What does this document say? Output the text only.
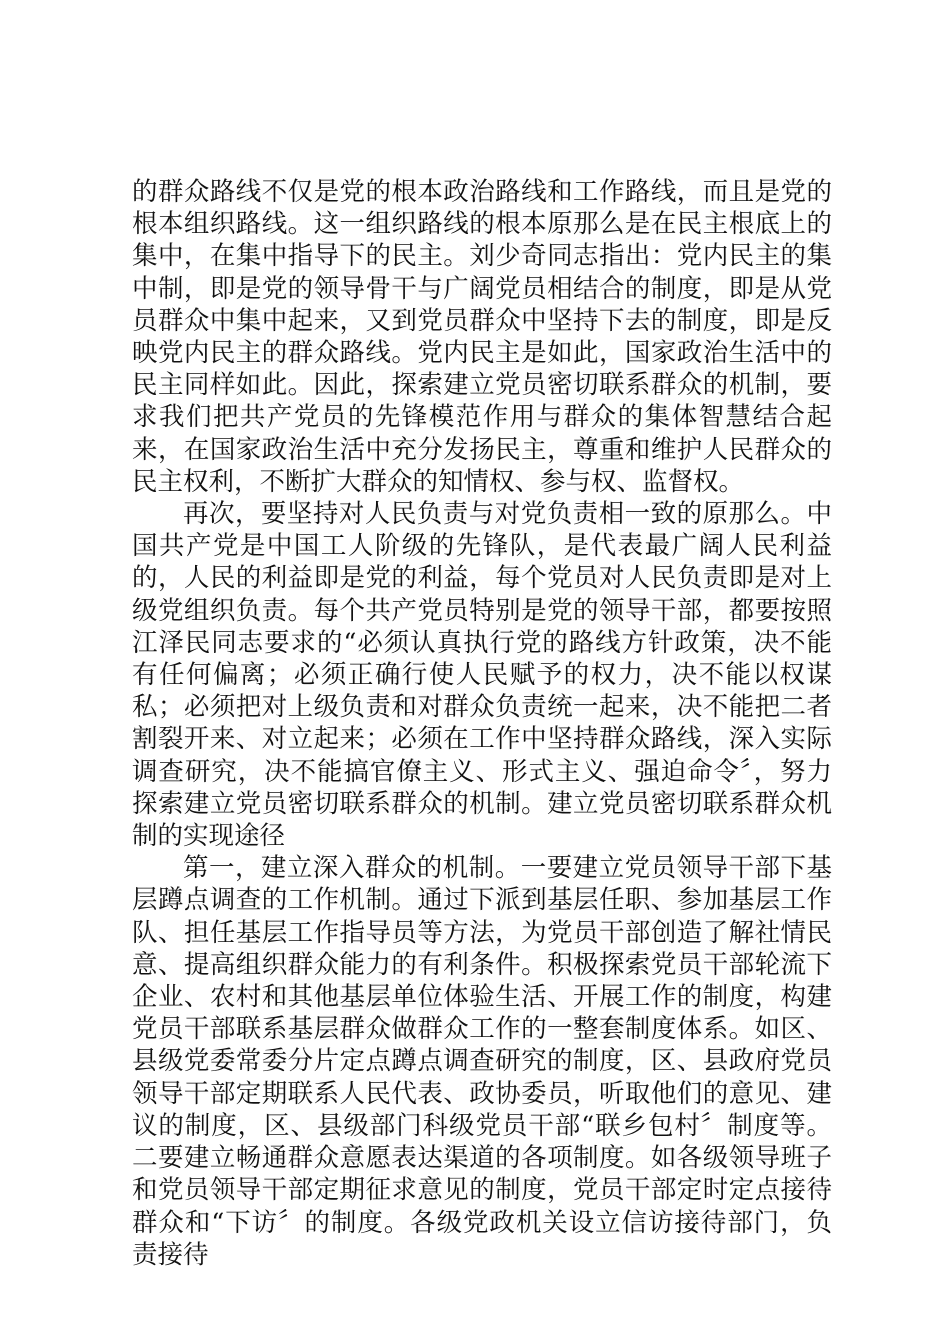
的群众路线不仅是党的根本政治路线和工作路线，而且是党的根本组织路线。这一组织路线的根本原那么是在民主根底上的集中，在集中指导下的民主。刘少奇同志指出：党内民主的集中制，即是党的领导骨干与广阔党员相结合的制度，即是从党员群众中集中起来，又到党员群众中坚持下去的制度，即是反映党内民主的群众路线。党内民主是如此，国家政治生活中的民主同样如此。因此，探索建立党员密切联系群众的机制，要求我们把共产党员的先锋模范作用与群众的集体智慧结合起来，在国家政治生活中充分发扬民主，尊重和维护人民群众的民主权利，不断扩大群众的知情权、参与权、监督权。

再次，要坚持对人民负责与对党负责相一致的原那么。中国共产党是中国工人阶级的先锋队，是代表最广阔人民利益的，人民的利益即是党的利益，每个党员对人民负责即是对上级党组织负责。每个共产党员特别是党的领导干部，都要按照江泽民同志要求的“必须认真执行党的路线方针政策，决不能有任何偏离；必须正确行使人民赋予的权力，决不能以权谋私；必须把对上级负责和对群众负责统一起来，决不能把二者割裂开来、对立起来；必须在工作中坚持群众路线，深入实际调查研究，决不能搞官僚主义、形式主义、强迫命令〞，努力探索建立党员密切联系群众的机制。建立党员密切联系群众机制的实现途径

第一，建立深入群众的机制。一要建立党员领导干部下基层蹲点调查的工作机制。通过下派到基层任职、参加基层工作队、担任基层工作指导员等方法，为党员干部创造了解社情民意、提高组织群众能力的有利条件。积极探索党员干部轮流下企业、农村和其他基层单位体验生活、开展工作的制度，构建党员干部联系基层群众做群众工作的一整套制度体系。如区、县级党委常委分片定点蹲点调查研究的制度，区、县政府党员领导干部定期联系人民代表、政协委员，听取他们的意见、建议的制度，区、县级部门科级党员干部“联乡包村〞制度等。二要建立畅通群众意愿表达渠道的各项制度。如各级领导班子和党员领导干部定期征求意见的制度，党员干部定时定点接待群众和“下访〞的制度。各级党政机关设立信访接待部门，负责接待
